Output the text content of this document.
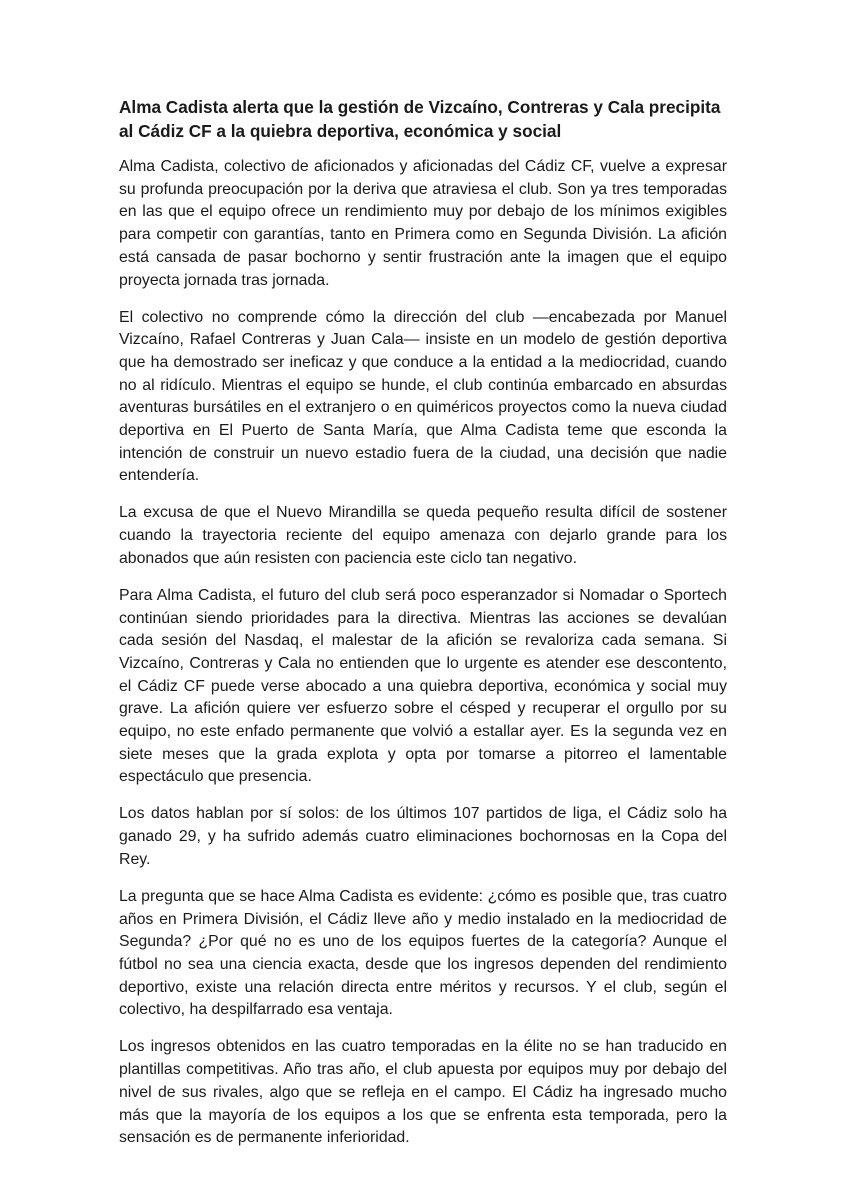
Alma Cadista alerta que la gestión de Vizcaíno, Contreras y Cala precipita al Cádiz CF a la quiebra deportiva, económica y social

Alma Cadista, colectivo de aficionados y aficionadas del Cádiz CF, vuelve a expresar su profunda preocupación por la deriva que atraviesa el club. Son ya tres temporadas en las que el equipo ofrece un rendimiento muy por debajo de los mínimos exigibles para competir con garantías, tanto en Primera como en Segunda División. La afición está cansada de pasar bochorno y sentir frustración ante la imagen que el equipo proyecta jornada tras jornada.

El colectivo no comprende cómo la dirección del club —encabezada por Manuel Vizcaíno, Rafael Contreras y Juan Cala— insiste en un modelo de gestión deportiva que ha demostrado ser ineficaz y que conduce a la entidad a la mediocridad, cuando no al ridículo. Mientras el equipo se hunde, el club continúa embarcado en absurdas aventuras bursátiles en el extranjero o en quiméricos proyectos como la nueva ciudad deportiva en El Puerto de Santa María, que Alma Cadista teme que esconda la intención de construir un nuevo estadio fuera de la ciudad, una decisión que nadie entendería.

La excusa de que el Nuevo Mirandilla se queda pequeño resulta difícil de sostener cuando la trayectoria reciente del equipo amenaza con dejarlo grande para los abonados que aún resisten con paciencia este ciclo tan negativo.

Para Alma Cadista, el futuro del club será poco esperanzador si Nomadar o Sportech continúan siendo prioridades para la directiva. Mientras las acciones se devalúan cada sesión del Nasdaq, el malestar de la afición se revaloriza cada semana. Si Vizcaíno, Contreras y Cala no entienden que lo urgente es atender ese descontento, el Cádiz CF puede verse abocado a una quiebra deportiva, económica y social muy grave. La afición quiere ver esfuerzo sobre el césped y recuperar el orgullo por su equipo, no este enfado permanente que volvió a estallar ayer. Es la segunda vez en siete meses que la grada explota y opta por tomarse a pitorreo el lamentable espectáculo que presencia.

Los datos hablan por sí solos: de los últimos 107 partidos de liga, el Cádiz solo ha ganado 29, y ha sufrido además cuatro eliminaciones bochornosas en la Copa del Rey.

La pregunta que se hace Alma Cadista es evidente: ¿cómo es posible que, tras cuatro años en Primera División, el Cádiz lleve año y medio instalado en la mediocridad de Segunda? ¿Por qué no es uno de los equipos fuertes de la categoría? Aunque el fútbol no sea una ciencia exacta, desde que los ingresos dependen del rendimiento deportivo, existe una relación directa entre méritos y recursos. Y el club, según el colectivo, ha despilfarrado esa ventaja.

Los ingresos obtenidos en las cuatro temporadas en la élite no se han traducido en plantillas competitivas. Año tras año, el club apuesta por equipos muy por debajo del nivel de sus rivales, algo que se refleja en el campo. El Cádiz ha ingresado mucho más que la mayoría de los equipos a los que se enfrenta esta temporada, pero la sensación es de permanente inferioridad.
